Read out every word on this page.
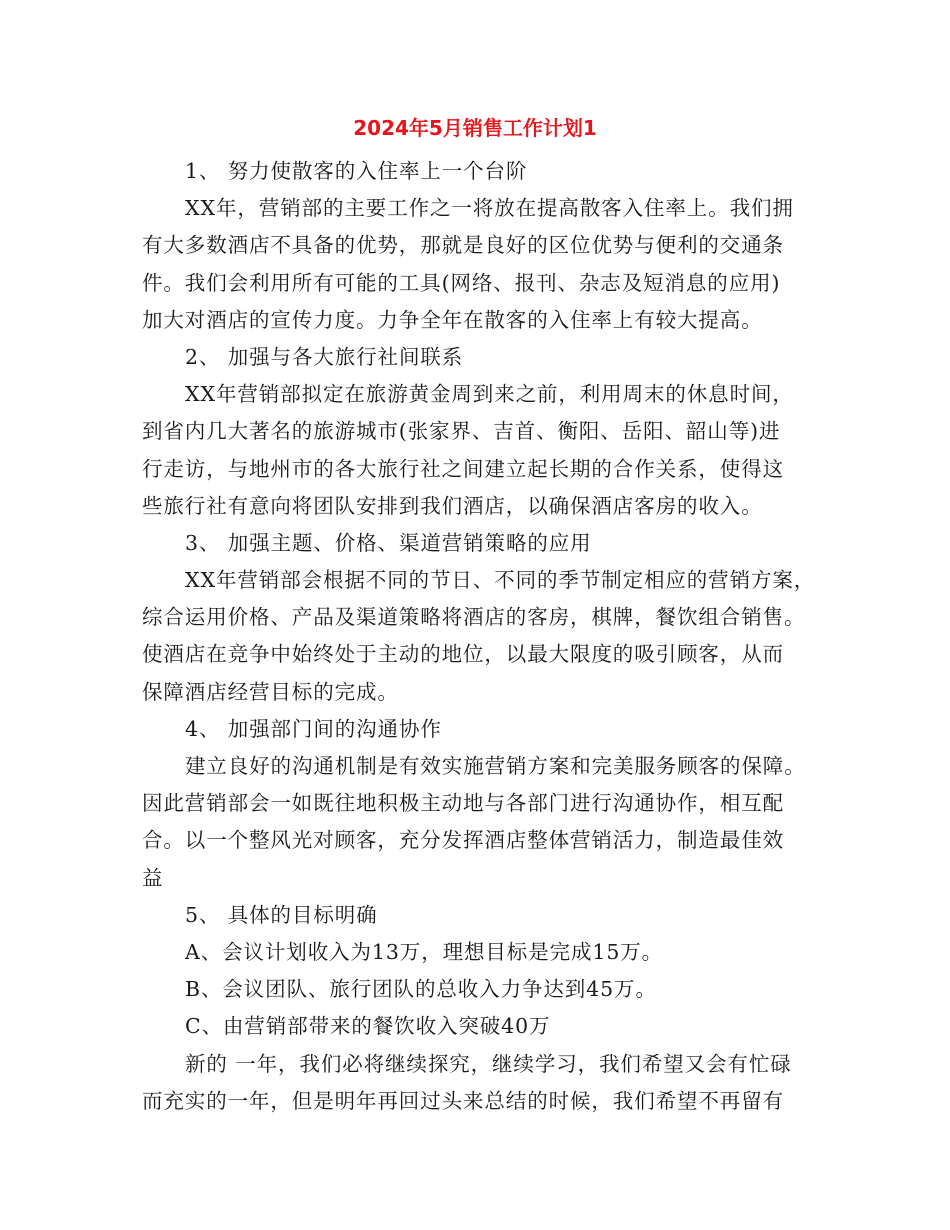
2024年5月销售工作计划1
1、 努力使散客的入住率上一个台阶
XX年，营销部的主要工作之一将放在提高散客入住率上。我们拥
有大多数酒店不具备的优势，那就是良好的区位优势与便利的交通条
件。我们会利用所有可能的工具(网络、报刊、杂志及短消息的应用)
加大对酒店的宣传力度。力争全年在散客的入住率上有较大提高。
2、 加强与各大旅行社间联系
XX年营销部拟定在旅游黄金周到来之前，利用周末的休息时间，
到省内几大著名的旅游城市(张家界、吉首、衡阳、岳阳、韶山等)进
行走访，与地州市的各大旅行社之间建立起长期的合作关系，使得这
些旅行社有意向将团队安排到我们酒店，以确保酒店客房的收入。
3、 加强主题、价格、渠道营销策略的应用
XX年营销部会根据不同的节日、不同的季节制定相应的营销方案，
综合运用价格、产品及渠道策略将酒店的客房，棋牌，餐饮组合销售。
使酒店在竞争中始终处于主动的地位，以最大限度的吸引顾客，从而
保障酒店经营目标的完成。
4、 加强部门间的沟通协作
建立良好的沟通机制是有效实施营销方案和完美服务顾客的保障。
因此营销部会一如既往地积极主动地与各部门进行沟通协作，相互配
合。以一个整风光对顾客，充分发挥酒店整体营销活力，制造最佳效
益
5、 具体的目标明确
A、会议计划收入为13万，理想目标是完成15万。
B、会议团队、旅行团队的总收入力争达到45万。
C、由营销部带来的餐饮收入突破40万
新的 一年，我们必将继续探究，继续学习，我们希望又会有忙碌
而充实的一年，但是明年再回过头来总结的时候，我们希望不再留有
